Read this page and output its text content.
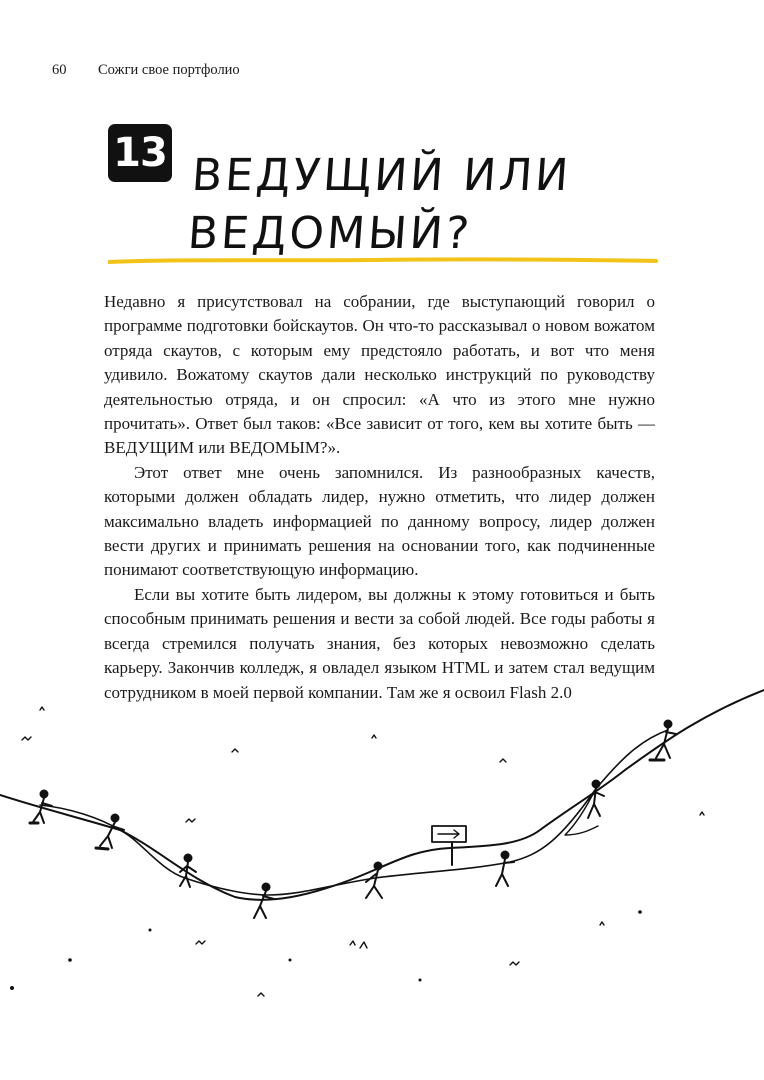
60 Сожги свое портфолио
13 ВЕДУЩИЙ ИЛИ
ВЕДОМЫЙ?

Недавно я присутствовал на собрании, где выступающий говорил о программе подготовки бойскаутов. Он что-то рассказывал о новом вожатом отряда скаутов, с которым ему предстояло работать, и вот что меня удивило. Вожатому скаутов дали несколько инструкций по руководству деятельностью отряда, и он спросил: «А что из этого мне нужно прочитать». Ответ был таков: «Все зависит от того, кем вы хотите быть — ВЕДУЩИМ или ВЕДОМЫМ?».

Этот ответ мне очень запомнился. Из разнообразных качеств, которыми должен обладать лидер, нужно отметить, что лидер должен максимально владеть информацией по данному вопросу, лидер должен вести других и принимать решения на основании того, как подчиненные понимают соответствующую информацию.

Если вы хотите быть лидером, вы должны к этому готовиться и быть способным принимать решения и вести за собой людей. Все годы работы я всегда стремился получать знания, без которых невозможно сделать карьеру. Закончив колледж, я овладел языком HTML и затем стал ведущим сотрудником в моей первой компании. Там же я освоил Flash 2.0
